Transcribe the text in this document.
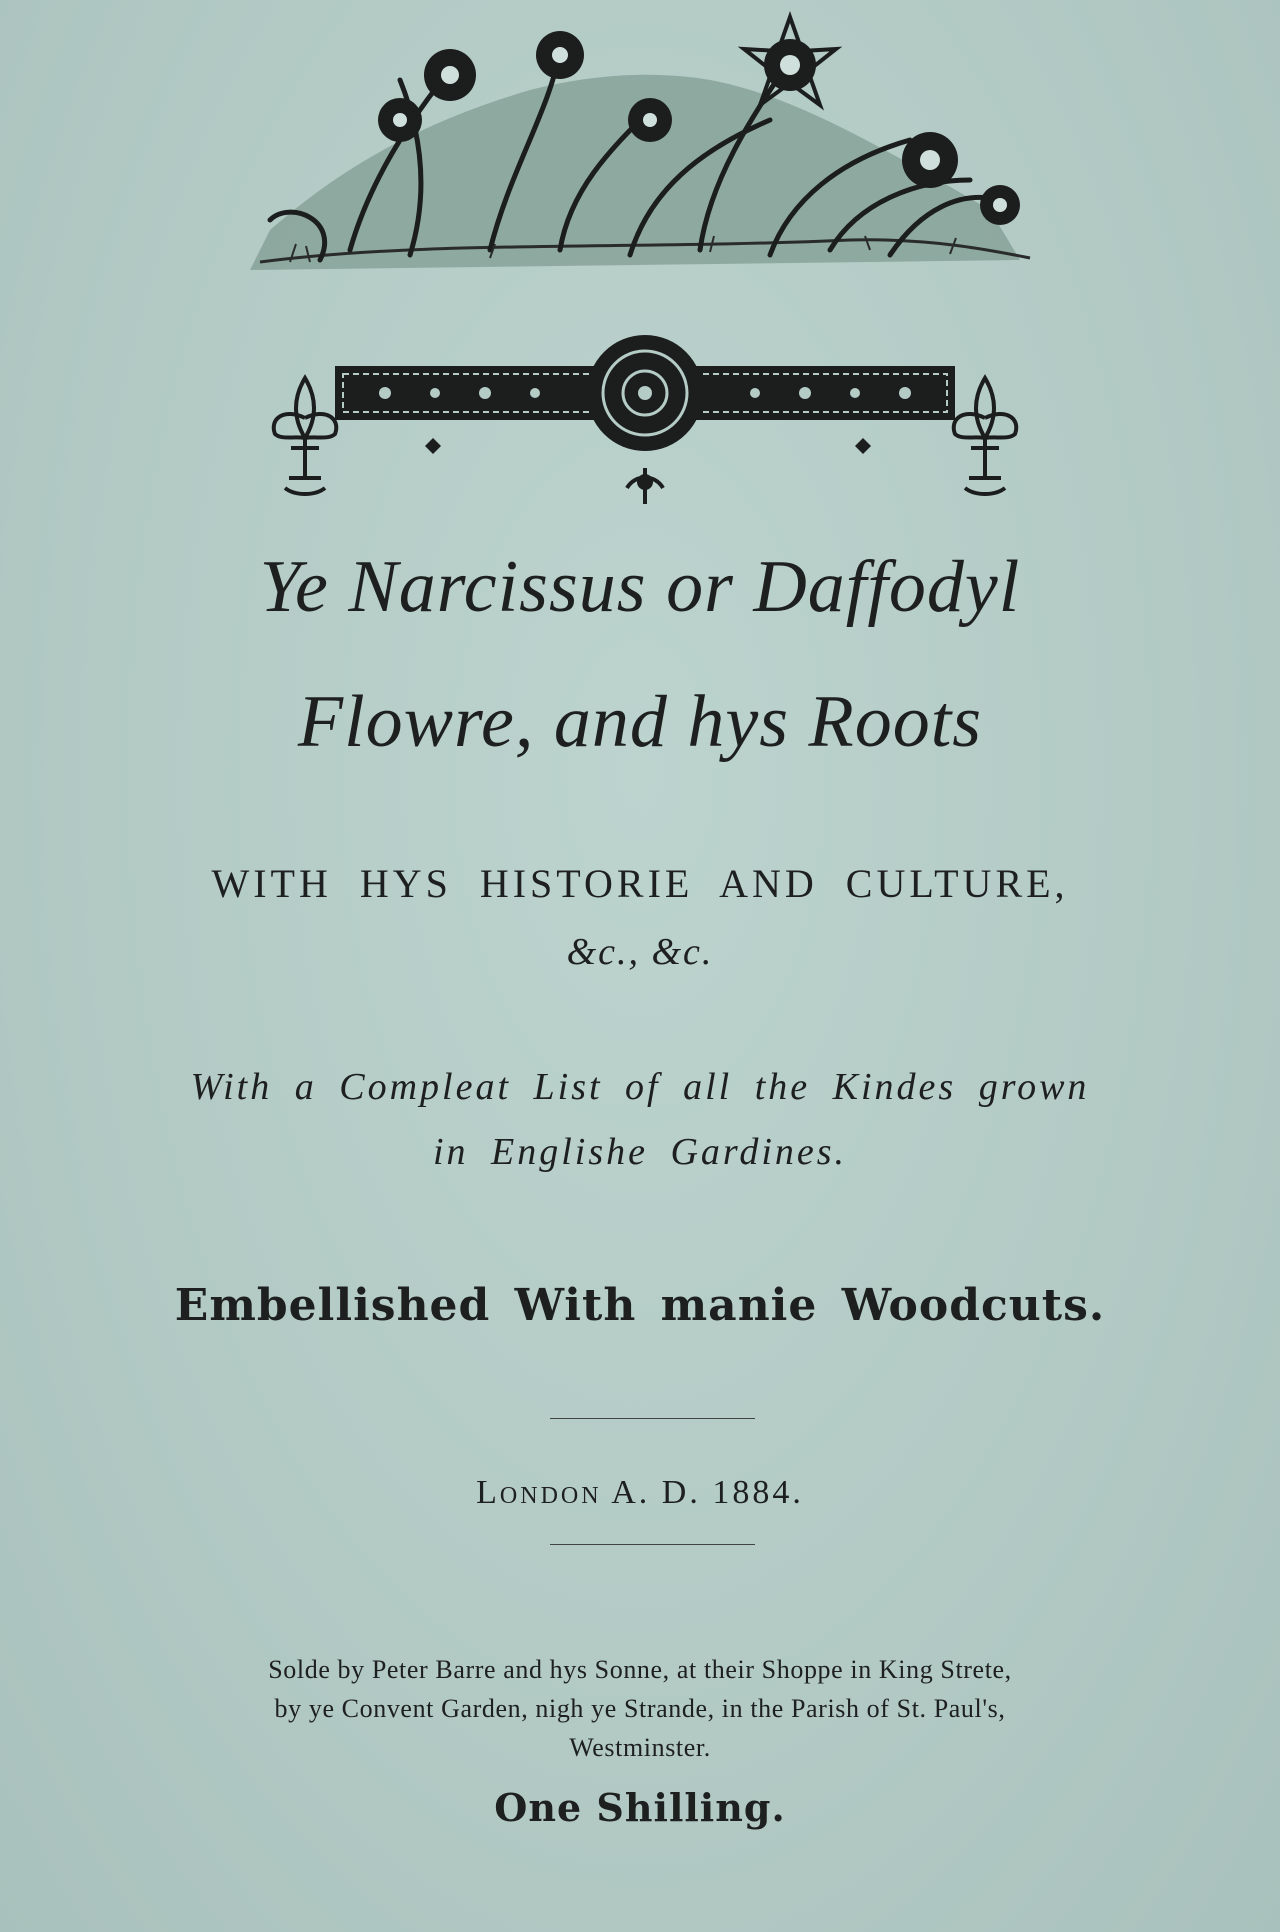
Ye Narcissus or Daffodyl
Flowre, and hys Roots
WITH HYS HISTORIE AND CULTURE,
&c., &c.
With a Compleat List of all the Kindes grown
in Englishe Gardines.
Embellished With manie Woodcuts.
London A. D. 1884.
Solde by Peter Barre and hys Sonne, at their Shoppe in King Strete,
by ye Convent Garden, nigh ye Strande, in the Parish of St. Paul's,
Westminster.
One Shilling.
